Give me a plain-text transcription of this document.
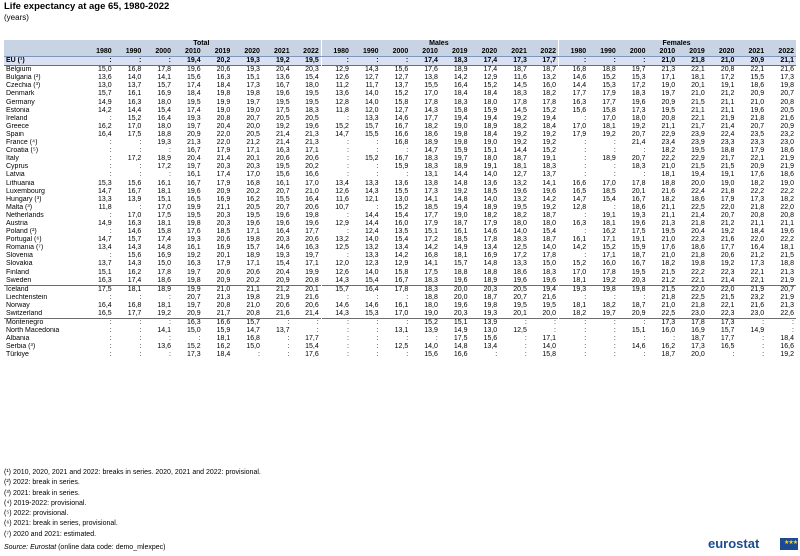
Life expectancy at age 65, 1980-2022
(years)
	Total								Males								Females							
	1980	1990	2000	2010	2019	2020	2021	2022	1980	1990	2000	2010	2019	2020	2021	2022	1980	1990	2000	2010	2019	2020	2021	2022
EU (¹)	:	:	:	19,4	20,2	19,3	19,2	19,5	:	:	:	17,4	18,3	17,4	17,3	17,7	:	:	:	21,0	21,8	21,0	20,9	21,1
Belgium	15,0	16,8	17,8	19,6	20,6	19,3	20,4	20,3	12,9	14,3	15,6	17,6	18,9	17,4	18,7	18,7	16,8	18,8	19,7	21,3	22,1	20,8	22,1	21,6
Bulgaria (²)	13,6	14,0	14,1	15,6	16,3	15,1	13,6	15,4	12,6	12,7	12,7	13,8	14,2	12,9	11,6	13,2	14,6	15,2	15,3	17,1	18,1	17,2	15,5	17,3
Czechia (³)	13,0	13,7	15,7	17,4	18,4	17,3	16,7	18,0	11,2	11,7	13,7	15,5	16,4	15,2	14,5	16,0	14,4	15,3	17,2	19,0	20,1	19,1	18,6	19,8
Denmark	15,7	16,1	16,9	18,4	19,8	19,8	19,6	19,5	13,6	14,0	15,2	17,0	18,4	18,4	18,3	18,2	17,7	17,9	18,3	19,7	21,0	21,2	20,9	20,7
Germany	14,9	16,3	18,0	19,5	19,9	19,7	19,5	19,5	12,8	14,0	15,8	17,8	18,3	18,0	17,8	17,8	16,3	17,7	19,6	20,9	21,5	21,1	21,0	20,8
Estonia	14,2	14,4	15,4	17,4	19,0	19,0	17,5	18,3	11,8	12,0	12,7	14,3	15,8	15,9	14,5	15,2	15,6	15,8	17,3	19,5	21,1	21,1	19,6	20,5
Ireland	:	15,2	16,4	19,3	20,8	20,7	20,5	20,5	:	13,3	14,6	17,7	19,4	19,4	19,2	19,4	:	17,0	18,0	20,8	22,1	21,9	21,8	21,6
Greece	16,2	17,0	18,0	19,7	20,4	20,0	19,2	19,6	15,2	15,7	16,7	18,2	19,0	18,9	18,2	18,4	17,0	18,1	19,2	21,1	21,7	21,4	20,7	20,9
Spain	16,4	17,5	18,8	20,9	22,0	20,5	21,4	21,3	14,7	15,5	16,6	18,6	19,8	18,4	19,2	19,2	17,9	19,2	20,7	22,9	23,9	22,4	23,5	23,2
France (⁴)	:	:	19,3	21,3	22,0	21,2	21,4	21,3	:	:	16,8	18,9	19,8	19,0	19,2	19,2	:	:	21,4	23,4	23,9	23,3	23,3	23,0
Croatia (⁵)	:	:	:	16,7	17,9	17,1	16,3	17,1	:	:	:	14,7	15,9	15,1	14,4	15,2	:	:	:	18,2	19,5	18,8	17,9	18,6
Italy	:	17,2	18,9	20,4	21,4	20,1	20,6	20,6	:	15,2	16,7	18,3	19,7	18,0	18,7	19,1	:	18,9	20,7	22,2	22,9	21,7	22,1	21,9
Cyprus	:	:	17,2	19,7	20,3	20,3	19,5	20,2	:	:	15,9	18,3	18,9	19,1	18,1	18,3	:	:	18,3	21,0	21,5	21,5	20,9	21,9
Latvia	:	:	:	16,1	17,4	17,0	15,6	16,6	:	:	:	13,1	14,4	14,0	12,7	13,7	:	:	:	18,1	19,4	19,1	17,6	18,6
Lithuania	15,3	15,6	16,1	16,7	17,9	16,8	16,1	17,0	13,4	13,3	13,6	13,8	14,8	13,6	13,2	14,1	16,6	17,0	17,8	18,8	20,0	19,0	18,2	19,0
Luxembourg	14,7	16,7	18,1	19,6	20,9	20,2	20,7	21,0	12,6	14,3	15,5	17,3	19,2	18,5	19,6	19,6	16,5	18,5	20,1	21,6	22,4	21,8	22,2	22,2
Hungary (³)	13,3	13,9	15,1	16,5	16,9	16,2	15,5	16,4	11,6	12,1	13,0	14,1	14,8	14,0	13,2	14,2	14,7	15,4	16,7	18,2	18,6	17,9	17,3	18,2
Malta (³)	11,8	:	17,0	19,9	21,1	20,5	20,7	20,6	10,7	:	15,2	18,5	19,4	18,9	19,5	19,2	12,8	:	18,6	21,1	22,5	22,0	21,8	22,0
Netherlands	:	17,0	17,5	19,5	20,3	19,5	19,6	19,8	:	14,4	15,4	17,7	19,0	18,2	18,2	18,7	:	19,1	19,3	21,1	21,4	20,7	20,8	20,8
Austria	14,9	16,3	18,1	19,8	20,3	19,6	19,6	19,6	12,9	14,4	16,0	17,9	18,7	17,9	18,0	18,0	16,3	18,1	19,6	21,3	21,8	21,2	21,1	21,1
Poland (²)	:	14,6	15,8	17,6	18,5	17,1	16,4	17,7	:	12,4	13,5	15,1	16,1	14,6	14,0	15,4	:	16,2	17,5	19,5	20,4	19,2	18,4	19,6
Portugal (⁶)	14,7	15,7	17,4	19,3	20,6	19,8	20,3	20,6	13,2	14,0	15,4	17,2	18,5	17,8	18,3	18,7	16,1	17,1	19,1	21,0	22,3	21,6	22,0	22,2
Romania (⁷)	13,4	14,3	14,8	16,1	16,9	15,7	14,6	16,3	12,5	13,2	13,4	14,2	14,9	13,4	12,5	14,0	14,2	15,2	15,9	17,6	18,6	17,7	16,4	18,1
Slovenia	:	15,6	16,9	19,2	20,1	18,9	19,3	19,7	:	13,3	14,2	16,8	18,1	16,9	17,2	17,8	:	17,1	18,7	21,0	21,8	20,6	21,2	21,5
Slovakia	13,7	14,3	15,0	16,3	17,9	17,1	15,4	17,1	12,0	12,3	12,9	14,1	15,7	14,8	13,3	15,0	15,2	16,0	16,7	18,2	19,8	19,2	17,3	18,8
Finland	15,1	16,2	17,8	19,7	20,6	20,6	20,4	19,9	12,6	14,0	15,8	17,5	18,8	18,8	18,6	18,3	17,0	17,8	19,5	21,5	22,2	22,3	22,1	21,3
Sweden	16,3	17,4	18,6	19,8	20,9	20,2	20,9	20,8	14,3	15,4	16,7	18,3	19,6	18,9	19,6	19,6	18,1	19,2	20,3	21,2	22,1	21,4	22,1	21,9
Iceland	17,5	18,1	18,9	19,9	21,0	21,1	21,2	20,1	15,7	16,4	17,8	18,3	20,0	20,3	20,5	19,4	19,3	19,8	19,8	21,5	22,0	22,0	21,9	20,7
Liechtenstein	:	:	:	20,7	21,3	19,8	21,9	21,6	:	:	:	18,8	20,0	18,7	20,7	21,6	:	:	:	21,8	22,5	21,5	23,2	21,9
Norway	16,4	16,8	18,1	19,7	20,8	21,0	20,6	20,6	14,6	14,6	16,1	18,0	19,6	19,8	19,5	19,5	18,1	18,2	18,7	21,0	21,8	22,1	21,6	21,3
Switzerland	16,5	17,7	19,2	20,9	21,7	20,8	21,6	21,4	14,3	15,3	17,0	19,0	20,3	19,3	20,1	20,0	18,2	19,7	20,9	22,5	23,0	22,3	23,0	22,6
Montenegro	:	:	:	16,3	16,6	15,7	:	:	:	:	:	15,2	15,1	13,9	:	:	:	:	:	17,3	17,8	17,3	:	:
North Macedonia	:	:	14,1	15,0	15,9	14,7	13,7	:	:	:	13,1	13,9	14,9	13,0	12,5	:	:	:	15,1	16,0	16,9	15,7	14,9	:
Albania	:	:	:	:	18,1	16,8	:	17,7	:	:	:	:	17,5	15,6	:	17,1	:	:	:	:	18,7	17,7	:	18,4
Serbia (³)	:	:	13,6	15,2	16,2	15,0	:	15,4	:	:	12,5	14,0	14,8	13,4	:	14,0	:	:	14,6	16,2	17,3	16,5	:	16,6
Türkiye	:	:	:	17,3	18,4	:	:	17,6	:	:	:	15,6	16,6	:	:	15,8	:	:	:	18,7	20,0	:	:	19,2
(¹) 2010, 2020, 2021 and 2022: breaks in series. 2020, 2021 and 2022: provisional.
(²) 2022: break in series.
(³) 2021: break in series.
(⁴) 2019-2022: provisional.
(⁵) 2022: provisional.
(⁶) 2021: break in series, provisional.
(⁷) 2020 and 2021: estimated.
Source: Eurostat (online data code: demo_mlexpec)	eurostat	★★★
